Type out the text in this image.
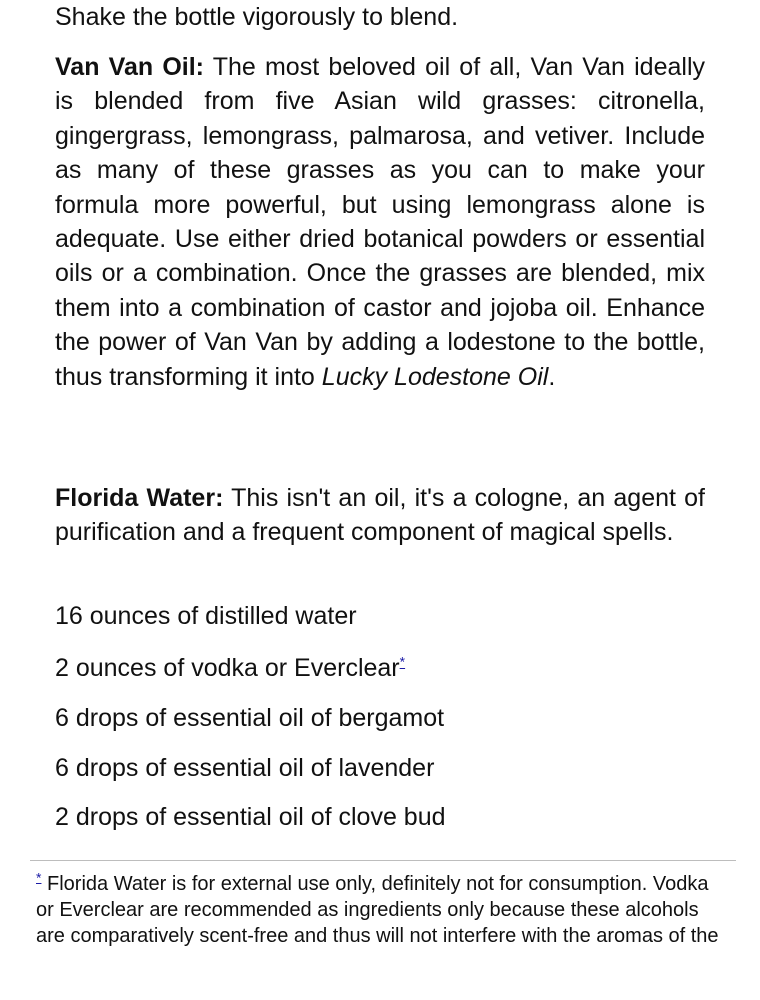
Shake the bottle vigorously to blend.

Van Van Oil: The most beloved oil of all, Van Van ideally is blended from five Asian wild grasses: citronella, gingergrass, lemongrass, palmarosa, and vetiver. Include as many of these grasses as you can to make your formula more powerful, but using lemongrass alone is adequate. Use either dried botanical powders or essential oils or a combination. Once the grasses are blended, mix them into a combination of castor and jojoba oil. Enhance the power of Van Van by adding a lodestone to the bottle, thus transforming it into Lucky Lodestone Oil.

Florida Water: This isn't an oil, it's a cologne, an agent of purification and a frequent component of magical spells.

16 ounces of distilled water

2 ounces of vodka or Everclear*

6 drops of essential oil of bergamot

6 drops of essential oil of lavender

2 drops of essential oil of clove bud

* Florida Water is for external use only, definitely not for consumption. Vodka or Everclear are recommended as ingredients only because these alcohols are comparatively scent-free and thus will not interfere with the aromas of the
